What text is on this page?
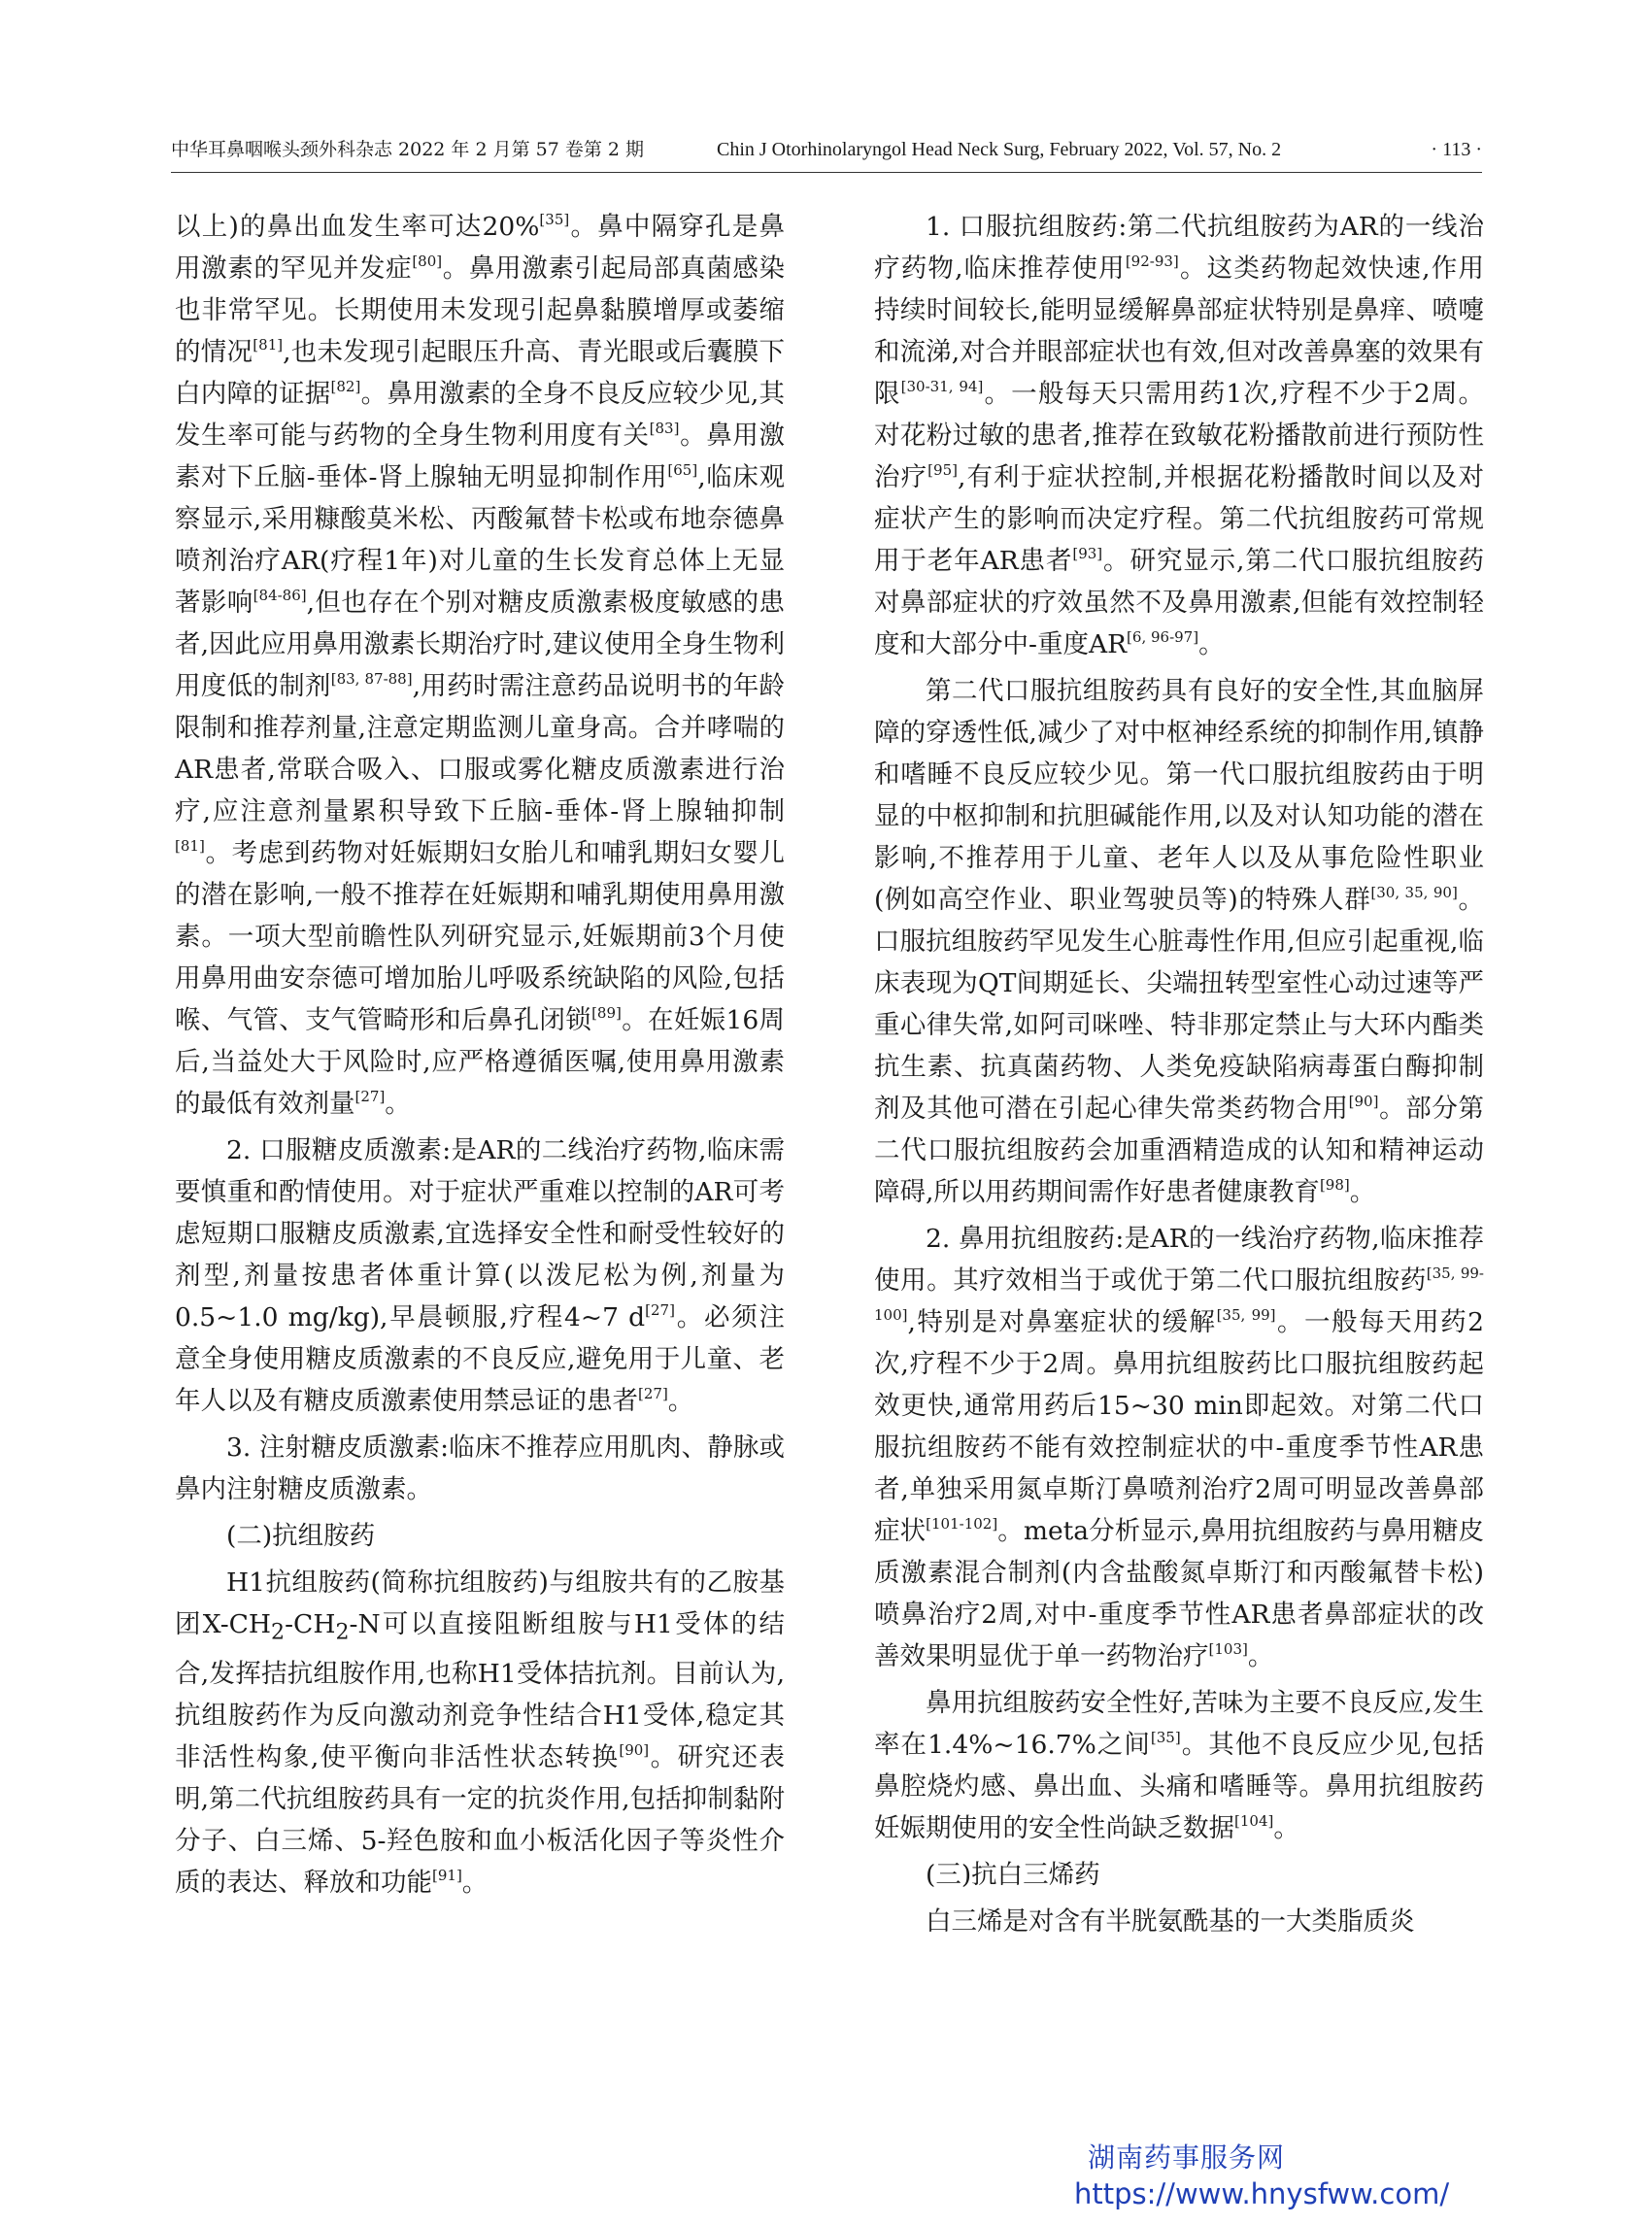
中华耳鼻咽喉头颈外科杂志 2022 年 2 月第 57 卷第 2 期	Chin J Otorhinolaryngol Head Neck Surg, February 2022, Vol. 57, No. 2	· 113 ·

以上)的鼻出血发生率可达20%[35]。鼻中隔穿孔是鼻用激素的罕见并发症[80]。鼻用激素引起局部真菌感染也非常罕见。长期使用未发现引起鼻黏膜增厚或萎缩的情况[81],也未发现引起眼压升高、青光眼或后囊膜下白内障的证据[82]。鼻用激素的全身不良反应较少见,其发生率可能与药物的全身生物利用度有关[83]。鼻用激素对下丘脑-垂体-肾上腺轴无明显抑制作用[65],临床观察显示,采用糠酸莫米松、丙酸氟替卡松或布地奈德鼻喷剂治疗AR(疗程1年)对儿童的生长发育总体上无显著影响[84-86],但也存在个别对糖皮质激素极度敏感的患者,因此应用鼻用激素长期治疗时,建议使用全身生物利用度低的制剂[83, 87-88],用药时需注意药品说明书的年龄限制和推荐剂量,注意定期监测儿童身高。合并哮喘的AR患者,常联合吸入、口服或雾化糖皮质激素进行治疗,应注意剂量累积导致下丘脑-垂体-肾上腺轴抑制[81]。考虑到药物对妊娠期妇女胎儿和哺乳期妇女婴儿的潜在影响,一般不推荐在妊娠期和哺乳期使用鼻用激素。一项大型前瞻性队列研究显示,妊娠期前3个月使用鼻用曲安奈德可增加胎儿呼吸系统缺陷的风险,包括喉、气管、支气管畸形和后鼻孔闭锁[89]。在妊娠16周后,当益处大于风险时,应严格遵循医嘱,使用鼻用激素的最低有效剂量[27]。

2. 口服糖皮质激素:是AR的二线治疗药物,临床需要慎重和酌情使用。对于症状严重难以控制的AR可考虑短期口服糖皮质激素,宜选择安全性和耐受性较好的剂型,剂量按患者体重计算(以泼尼松为例,剂量为0.5~1.0 mg/kg),早晨顿服,疗程4~7 d[27]。必须注意全身使用糖皮质激素的不良反应,避免用于儿童、老年人以及有糖皮质激素使用禁忌证的患者[27]。

3. 注射糖皮质激素:临床不推荐应用肌肉、静脉或鼻内注射糖皮质激素。

(二)抗组胺药

H1抗组胺药(简称抗组胺药)与组胺共有的乙胺基团$X-CH_2-CH_2-N$可以直接阻断组胺与H1受体的结合,发挥拮抗组胺作用,也称H1受体拮抗剂。目前认为,抗组胺药作为反向激动剂竞争性结合H1受体,稳定其非活性构象,使平衡向非活性状态转换[90]。研究还表明,第二代抗组胺药具有一定的抗炎作用,包括抑制黏附分子、白三烯、5-羟色胺和血小板活化因子等炎性介质的表达、释放和功能[91]。

1. 口服抗组胺药:第二代抗组胺药为AR的一线治疗药物,临床推荐使用[92-93]。这类药物起效快速,作用持续时间较长,能明显缓解鼻部症状特别是鼻痒、喷嚏和流涕,对合并眼部症状也有效,但对改善鼻塞的效果有限[30-31, 94]。一般每天只需用药1次,疗程不少于2周。对花粉过敏的患者,推荐在致敏花粉播散前进行预防性治疗[95],有利于症状控制,并根据花粉播散时间以及对症状产生的影响而决定疗程。第二代抗组胺药可常规用于老年AR患者[93]。研究显示,第二代口服抗组胺药对鼻部症状的疗效虽然不及鼻用激素,但能有效控制轻度和大部分中-重度AR[6, 96-97]。

第二代口服抗组胺药具有良好的安全性,其血脑屏障的穿透性低,减少了对中枢神经系统的抑制作用,镇静和嗜睡不良反应较少见。第一代口服抗组胺药由于明显的中枢抑制和抗胆碱能作用,以及对认知功能的潜在影响,不推荐用于儿童、老年人以及从事危险性职业(例如高空作业、职业驾驶员等)的特殊人群[30, 35, 90]。口服抗组胺药罕见发生心脏毒性作用,但应引起重视,临床表现为QT间期延长、尖端扭转型室性心动过速等严重心律失常,如阿司咪唑、特非那定禁止与大环内酯类抗生素、抗真菌药物、人类免疫缺陷病毒蛋白酶抑制剂及其他可潜在引起心律失常类药物合用[90]。部分第二代口服抗组胺药会加重酒精造成的认知和精神运动障碍,所以用药期间需作好患者健康教育[98]。

2. 鼻用抗组胺药:是AR的一线治疗药物,临床推荐使用。其疗效相当于或优于第二代口服抗组胺药[35, 99-100],特别是对鼻塞症状的缓解[35, 99]。一般每天用药2次,疗程不少于2周。鼻用抗组胺药比口服抗组胺药起效更快,通常用药后15~30 min即起效。对第二代口服抗组胺药不能有效控制症状的中-重度季节性AR患者,单独采用氮卓斯汀鼻喷剂治疗2周可明显改善鼻部症状[101-102]。meta分析显示,鼻用抗组胺药与鼻用糖皮质激素混合制剂(内含盐酸氮卓斯汀和丙酸氟替卡松)喷鼻治疗2周,对中-重度季节性AR患者鼻部症状的改善效果明显优于单一药物治疗[103]。

鼻用抗组胺药安全性好,苦味为主要不良反应,发生率在1.4%~16.7%之间[35]。其他不良反应少见,包括鼻腔烧灼感、鼻出血、头痛和嗜睡等。鼻用抗组胺药妊娠期使用的安全性尚缺乏数据[104]。

(三)抗白三烯药

白三烯是对含有半胱氨酰基的一大类脂质炎

湖南药事服务网
https://www.hnysfww.com/
